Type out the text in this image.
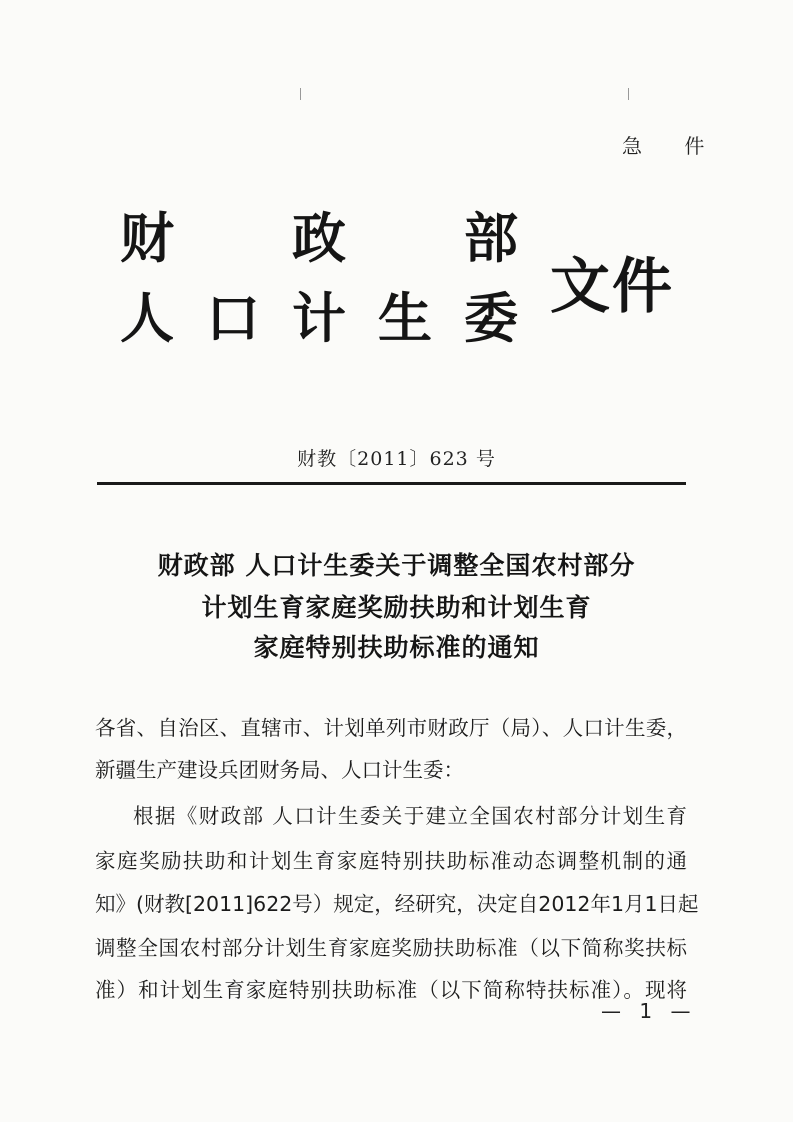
急 件
财 政 部
人 口 计 生 委 文件
财教〔2011〕623 号
财政部 人口计生委关于调整全国农村部分
计划生育家庭奖励扶助和计划生育
家庭特别扶助标准的通知
各省、自治区、直辖市、计划单列市财政厅（局）、人口计生委，
新疆生产建设兵团财务局、人口计生委：
根据《财政部 人口计生委关于建立全国农村部分计划生育
家庭奖励扶助和计划生育家庭特别扶助标准动态调整机制的通
知》(财教[2011]622号）规定，经研究，决定自2012年1月1日起
调整全国农村部分计划生育家庭奖励扶助标准（以下简称奖扶标
准）和计划生育家庭特别扶助标准（以下简称特扶标准）。现将
— 1 —
